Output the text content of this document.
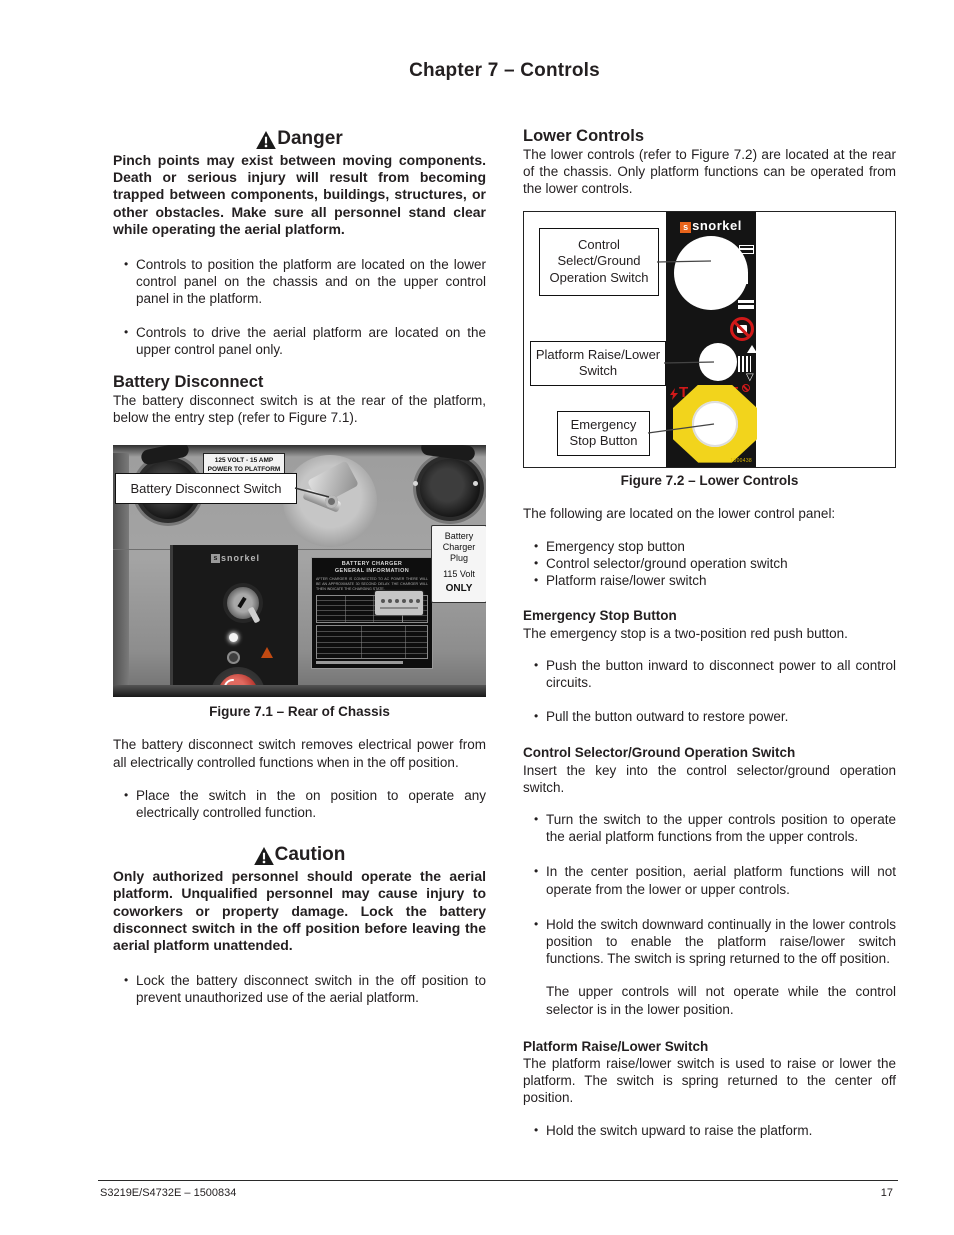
Chapter 7 – Controls
Danger
Pinch points may exist between moving components. Death or serious injury will result from becoming trapped between components, buildings, structures, or other obstacles. Make sure all personnel stand clear while operating the aerial platform.
• Controls to position the platform are located on the lower control panel on the chassis and on the upper control panel in the platform.
• Controls to drive the aerial platform are located on the upper control panel only.
Battery Disconnect
The battery disconnect switch is at the rear of the platform, below the entry step (refer to Figure 7.1).
125 VOLT - 15 AMP
POWER TO PLATFORM
Battery Disconnect Switch
s snorkel
BATTERY CHARGER
GENERAL INFORMATION
AFTER CHARGER IS CONNECTED TO AC POWER THERE WILL BE AN APPROXIMATE 30 SECOND DELAY. THE CHARGER WILL THEN INDICATE THE CHARGING STATE.
Battery
Charger
Plug
115 Volt
ONLY
Figure 7.1 – Rear of Chassis
The battery disconnect switch removes electrical power from all electrically controlled functions when in the off position.
• Place the switch in the on position to operate any electrically controlled function.
Caution
Only authorized personnel should operate the aerial platform. Unqualified personnel may cause injury to coworkers or property damage. Lock the battery disconnect switch in the off position before leaving the aerial platform unattended.
• Lock the battery disconnect switch in the off position to prevent unauthorized use of the aerial platform.
Lower Controls
The lower controls (refer to Figure 7.2) are located at the rear of the chassis. Only platform functions can be operated from the lower controls.
s snorkel
▽
T
1500438
Control Select/Ground Operation Switch
Platform Raise/Lower Switch
Emergency Stop Button
Figure 7.2 – Lower Controls
The following are located on the lower control panel:
• Emergency stop button
• Control selector/ground operation switch
• Platform raise/lower switch
Emergency Stop Button
The emergency stop is a two-position red push button.
• Push the button inward to disconnect power to all control circuits.
• Pull the button outward to restore power.
Control Selector/Ground Operation Switch
Insert the key into the control selector/ground operation switch.
• Turn the switch to the upper controls position to operate the aerial platform functions from the upper controls.
• In the center position, aerial platform functions will not operate from the lower or upper controls.
• Hold the switch downward continually in the lower controls position to enable the platform raise/lower switch functions. The switch is spring returned to the off position.
The upper controls will not operate while the control selector is in the lower position.
Platform Raise/Lower Switch
The platform raise/lower switch is used to raise or lower the platform. The switch is spring returned to the center off position.
• Hold the switch upward to raise the platform.
S3219E/S4732E – 1500834	17
